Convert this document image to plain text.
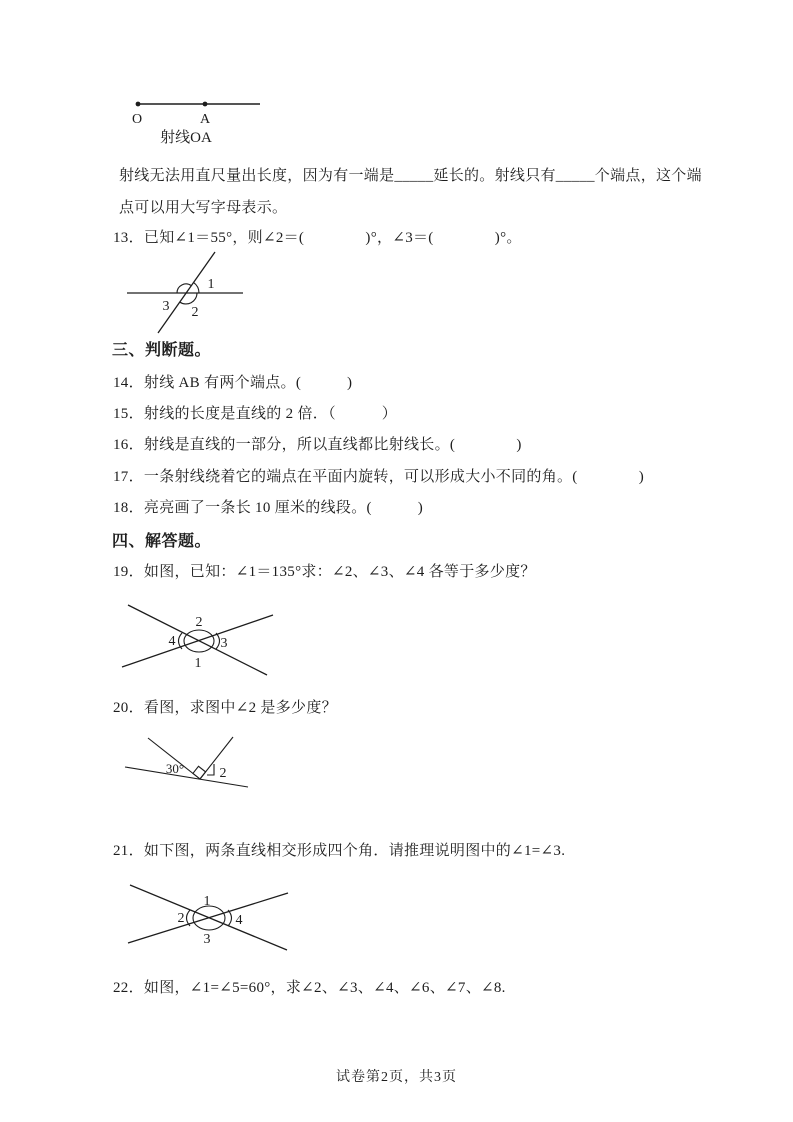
O	A
射线OA
射线无法用直尺量出长度，因为有一端是_____延长的。射线只有_____个端点，这个端
点可以用大写字母表示。
13．已知∠1＝55°，则∠2＝(　　　　)°，∠3＝(　　　　)°。
1
3 2
三、判断题。
14．射线 AB 有两个端点。(　　　)
15．射线的长度是直线的 2 倍．（　　　）
16．射线是直线的一部分，所以直线都比射线长。(　　　　)
17．一条射线绕着它的端点在平面内旋转，可以形成大小不同的角。(　　　　)
18．亮亮画了一条长 10 厘米的线段。(　　　)
四、解答题。
19．如图，已知：∠1＝135°求：∠2、∠3、∠4 各等于多少度？
2
4	3
1
20．看图，求图中∠2 是多少度？
30°	2
21．如下图，两条直线相交形成四个角．请推理说明图中的∠1=∠3.
1
2	4
3
22．如图，∠1=∠5=60°，求∠2、∠3、∠4、∠6、∠7、∠8.
试卷第2页，共3页
